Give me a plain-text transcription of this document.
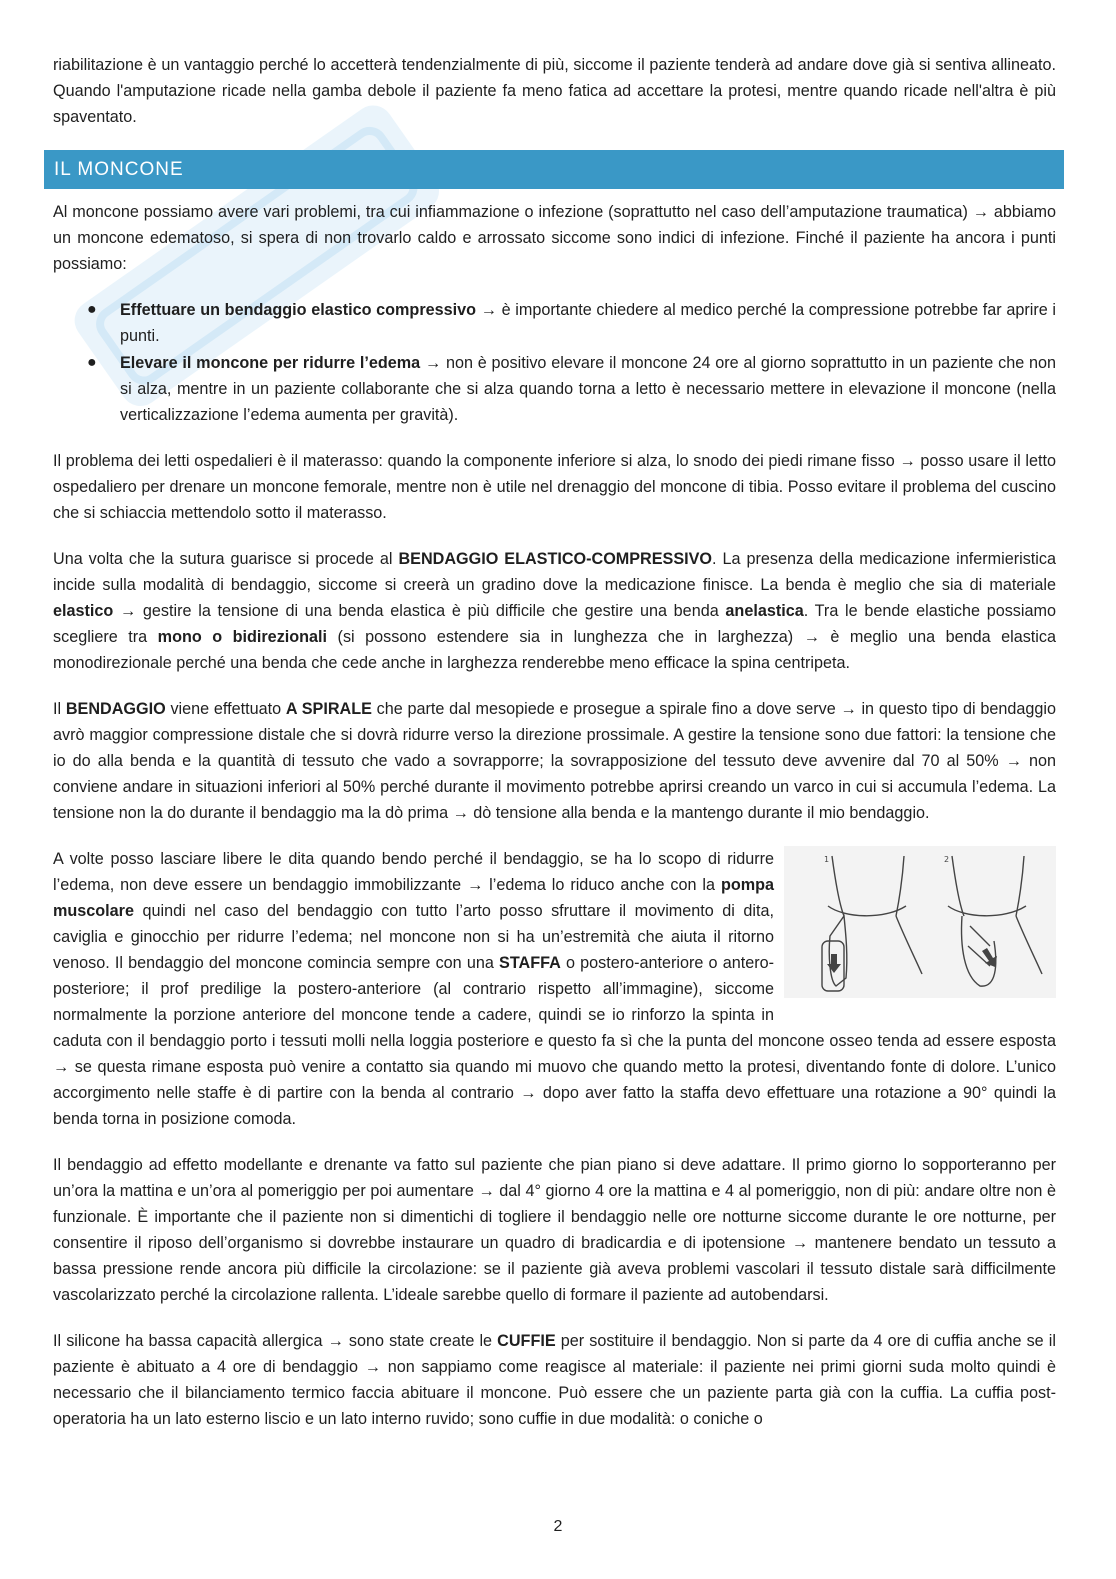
riabilitazione è un vantaggio perché lo accetterà tendenzialmente di più, siccome il paziente tenderà ad andare dove già si sentiva allineato. Quando l'amputazione ricade nella gamba debole il paziente fa meno fatica ad accettare la protesi, mentre quando ricade nell'altra è più spaventato.

IL MONCONE

Al moncone possiamo avere vari problemi, tra cui infiammazione o infezione (soprattutto nel caso dell’amputazione traumatica) → abbiamo un moncone edematoso, si spera di non trovarlo caldo e arrossato siccome sono indici di infezione. Finché il paziente ha ancora i punti possiamo:

● Effettuare un bendaggio elastico compressivo → è importante chiedere al medico perché la compressione potrebbe far aprire i punti.
● Elevare il moncone per ridurre l’edema → non è positivo elevare il moncone 24 ore al giorno soprattutto in un paziente che non si alza, mentre in un paziente collaborante che si alza quando torna a letto è necessario mettere in elevazione il moncone (nella verticalizzazione l’edema aumenta per gravità).

Il problema dei letti ospedalieri è il materasso: quando la componente inferiore si alza, lo snodo dei piedi rimane fisso → posso usare il letto ospedaliero per drenare un moncone femorale, mentre non è utile nel drenaggio del moncone di tibia. Posso evitare il problema del cuscino che si schiaccia mettendolo sotto il materasso.

Una volta che la sutura guarisce si procede al BENDAGGIO ELASTICO-COMPRESSIVO. La presenza della medicazione infermieristica incide sulla modalità di bendaggio, siccome si creerà un gradino dove la medicazione finisce. La benda è meglio che sia di materiale elastico → gestire la tensione di una benda elastica è più difficile che gestire una benda anelastica. Tra le bende elastiche possiamo scegliere tra mono o bidirezionali (si possono estendere sia in lunghezza che in larghezza) → è meglio una benda elastica monodirezionale perché una benda che cede anche in larghezza renderebbe meno efficace la spina centripeta.

Il BENDAGGIO viene effettuato A SPIRALE che parte dal mesopiede e prosegue a spirale fino a dove serve → in questo tipo di bendaggio avrò maggior compressione distale che si dovrà ridurre verso la direzione prossimale. A gestire la tensione sono due fattori: la tensione che io do alla benda e la quantità di tessuto che vado a sovrapporre; la sovrapposizione del tessuto deve avvenire dal 70 al 50% → non conviene andare in situazioni inferiori al 50% perché durante il movimento potrebbe aprirsi creando un varco in cui si accumula l’edema. La tensione non la do durante il bendaggio ma la dò prima → dò tensione alla benda e la mantengo durante il mio bendaggio.

1	2
A volte posso lasciare libere le dita quando bendo perché il bendaggio, se ha lo scopo di ridurre l’edema, non deve essere un bendaggio immobilizzante → l’edema lo riduco anche con la pompa muscolare quindi nel caso del bendaggio con tutto l’arto posso sfruttare il movimento di dita, caviglia e ginocchio per ridurre l’edema; nel moncone non si ha un’estremità che aiuta il ritorno venoso. Il bendaggio del moncone comincia sempre con una STAFFA o postero-anteriore o antero-posteriore; il prof predilige la postero-anteriore (al contrario rispetto all’immagine), siccome normalmente la porzione anteriore del moncone tende a cadere, quindi se io rinforzo la spinta in caduta con il bendaggio porto i tessuti molli nella loggia posteriore e questo fa sì che la punta del moncone osseo tenda ad essere esposta → se questa rimane esposta può venire a contatto sia quando mi muovo che quando metto la protesi, diventando fonte di dolore. L’unico accorgimento nelle staffe è di partire con la benda al contrario → dopo aver fatto la staffa devo effettuare una rotazione a 90° quindi la benda torna in posizione comoda.

Il bendaggio ad effetto modellante e drenante va fatto sul paziente che pian piano si deve adattare. Il primo giorno lo sopporteranno per un’ora la mattina e un’ora al pomeriggio per poi aumentare → dal 4° giorno 4 ore la mattina e 4 al pomeriggio, non di più: andare oltre non è funzionale. È importante che il paziente non si dimentichi di togliere il bendaggio nelle ore notturne siccome durante le ore notturne, per consentire il riposo dell’organismo si dovrebbe instaurare un quadro di bradicardia e di ipotensione → mantenere bendato un tessuto a bassa pressione rende ancora più difficile la circolazione: se il paziente già aveva problemi vascolari il tessuto distale sarà difficilmente vascolarizzato perché la circolazione rallenta. L’ideale sarebbe quello di formare il paziente ad autobendarsi.

Il silicone ha bassa capacità allergica → sono state create le CUFFIE per sostituire il bendaggio. Non si parte da 4 ore di cuffia anche se il paziente è abituato a 4 ore di bendaggio → non sappiamo come reagisce al materiale: il paziente nei primi giorni suda molto quindi è necessario che il bilanciamento termico faccia abituare il moncone. Può essere che un paziente parta già con la cuffia. La cuffia post-operatoria ha un lato esterno liscio e un lato interno ruvido; sono cuffie in due modalità: o coniche o

2
